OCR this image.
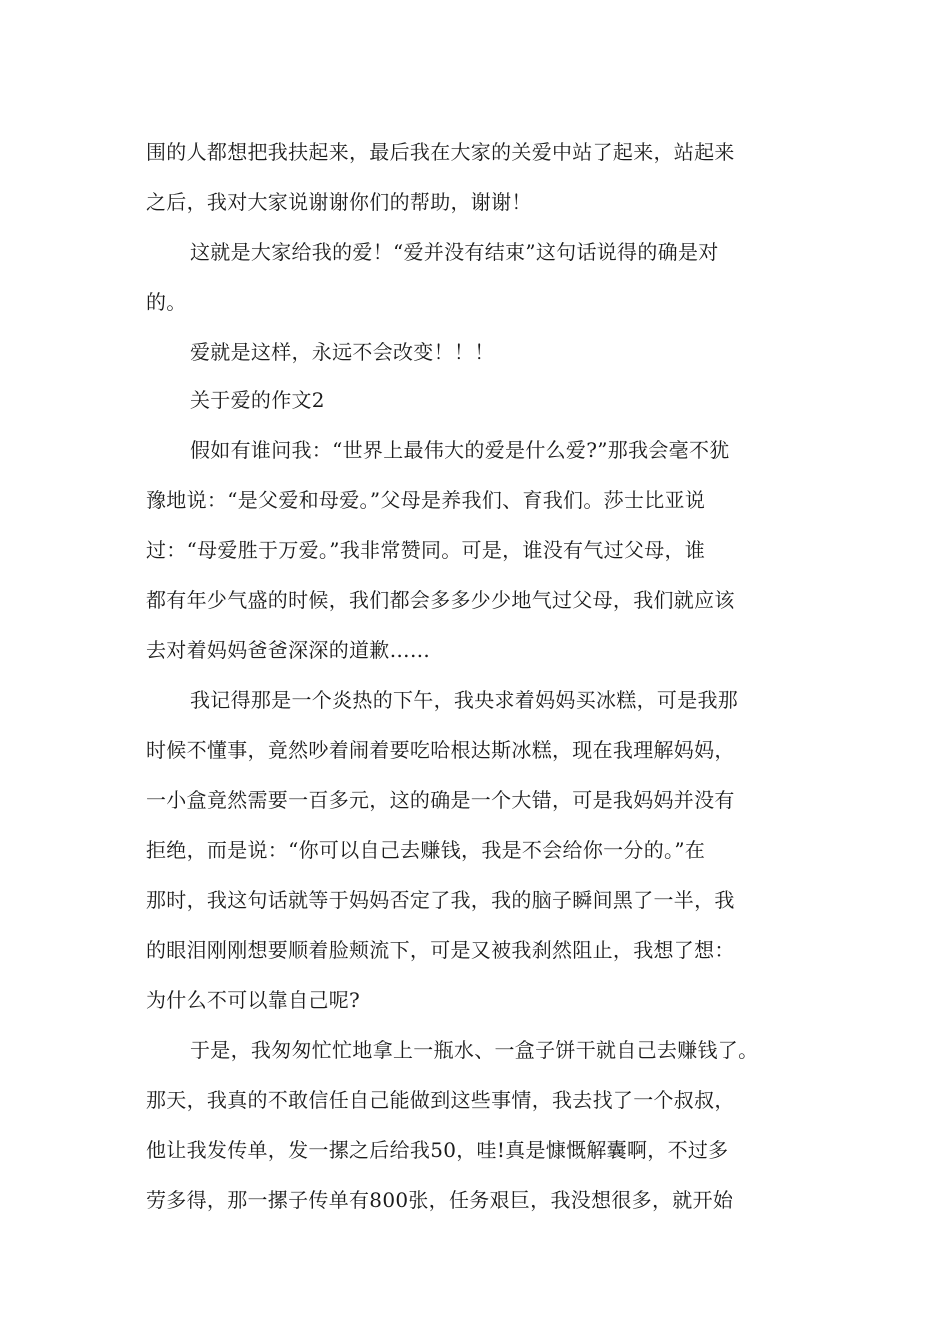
围的人都想把我扶起来，最后我在大家的关爱中站了起来，站起来
之后，我对大家说谢谢你们的帮助，谢谢！
这就是大家给我的爱！“爱并没有结束”这句话说得的确是对
的。
爱就是这样，永远不会改变！！！
关于爱的作文2
假如有谁问我：“世界上最伟大的爱是什么爱?”那我会毫不犹
豫地说：“是父爱和母爱。”父母是养我们、育我们。莎士比亚说
过：“母爱胜于万爱。”我非常赞同。可是，谁没有气过父母，谁
都有年少气盛的时候，我们都会多多少少地气过父母，我们就应该
去对着妈妈爸爸深深的道歉……
我记得那是一个炎热的下午，我央求着妈妈买冰糕，可是我那
时候不懂事，竟然吵着闹着要吃哈根达斯冰糕，现在我理解妈妈，
一小盒竟然需要一百多元，这的确是一个大错，可是我妈妈并没有
拒绝，而是说：“你可以自己去赚钱，我是不会给你一分的。”在
那时，我这句话就等于妈妈否定了我，我的脑子瞬间黑了一半，我
的眼泪刚刚想要顺着脸颊流下，可是又被我刹然阻止，我想了想：
为什么不可以靠自己呢?
于是，我匆匆忙忙地拿上一瓶水、一盒子饼干就自己去赚钱了。
那天，我真的不敢信任自己能做到这些事情，我去找了一个叔叔，
他让我发传单，发一摞之后给我50，哇!真是慷慨解囊啊，不过多
劳多得，那一摞子传单有800张，任务艰巨，我没想很多，就开始
